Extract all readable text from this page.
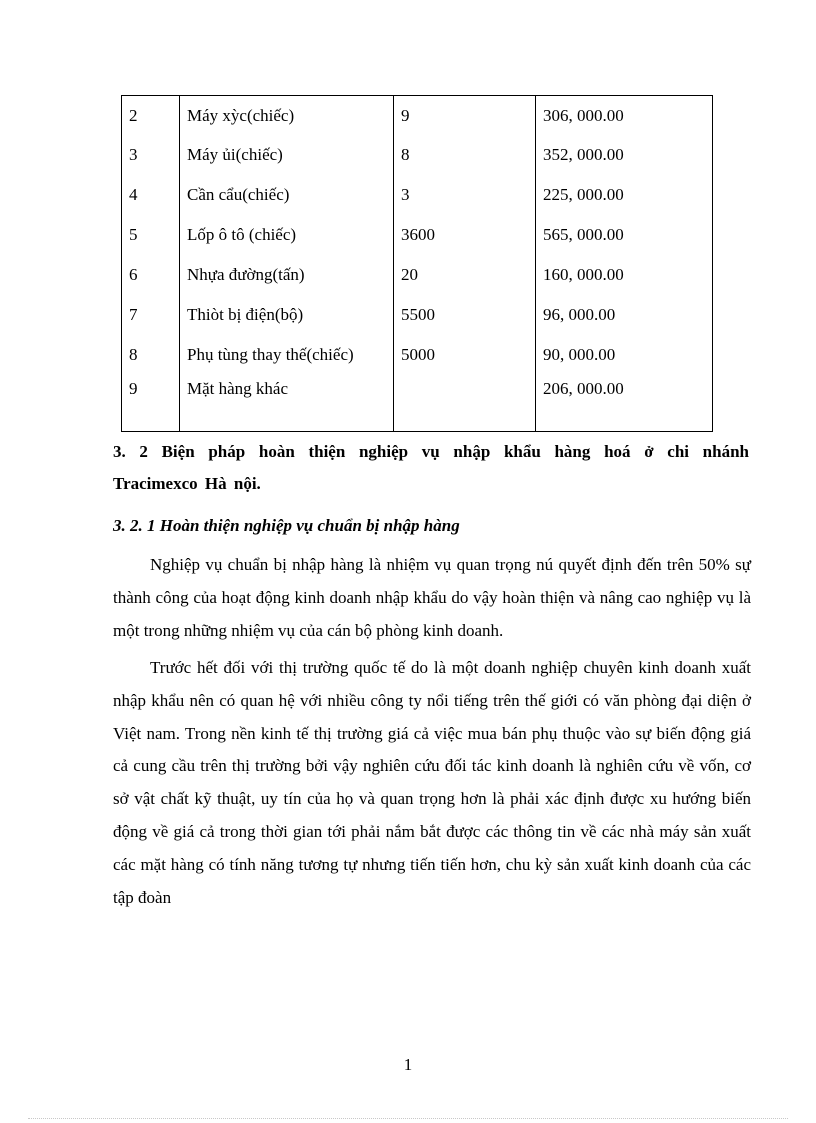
2	Máy xỳc(chiếc)	9	306, 000.00
3	Máy ủi(chiếc)	8	352, 000.00
4	Cần cẩu(chiếc)	3	225, 000.00
5	Lốp ô tô (chiếc)	3600	565, 000.00
6	Nhựa đường(tấn)	20	160, 000.00
7	Thiòt bị điện(bộ)	5500	96, 000.00
8	Phụ tùng thay thế(chiếc)	5000	90, 000.00
9	Mặt hàng khác		206, 000.00
3. 2 Biện pháp hoàn thiện nghiệp vụ nhập khẩu hàng hoá ở chi nhánh Tracimexco Hà nội.
3. 2. 1 Hoàn thiện nghiệp vụ chuẩn bị nhập hàng

Nghiệp vụ chuẩn bị nhập hàng là nhiệm vụ quan trọng nú quyết định đến trên 50% sự thành công của hoạt động kinh doanh nhập khẩu do vậy hoàn thiện và nâng cao nghiệp vụ là một trong những nhiệm vụ của cán bộ phòng kinh doanh.

Trước hết đối với thị trường quốc tế do là một doanh nghiệp chuyên kinh doanh xuất nhập khẩu nên có quan hệ với nhiều công ty nổi tiếng trên thế giới có văn phòng đại diện ở Việt nam. Trong nền kinh tế thị trường giá cả việc mua bán phụ thuộc vào sự biến động giá cả cung cầu trên thị trường bởi vậy nghiên cứu đối tác kinh doanh là nghiên cứu về vốn, cơ sở vật chất kỹ thuật, uy tín của họ và quan trọng hơn là phải xác định được xu hướng biến động về giá cả trong thời gian tới phải nắm bắt được các thông tin về các nhà máy sản xuất các mặt hàng có tính năng tương tự nhưng tiến tiến hơn, chu kỳ sản xuất kinh doanh của các tập đoàn

1
